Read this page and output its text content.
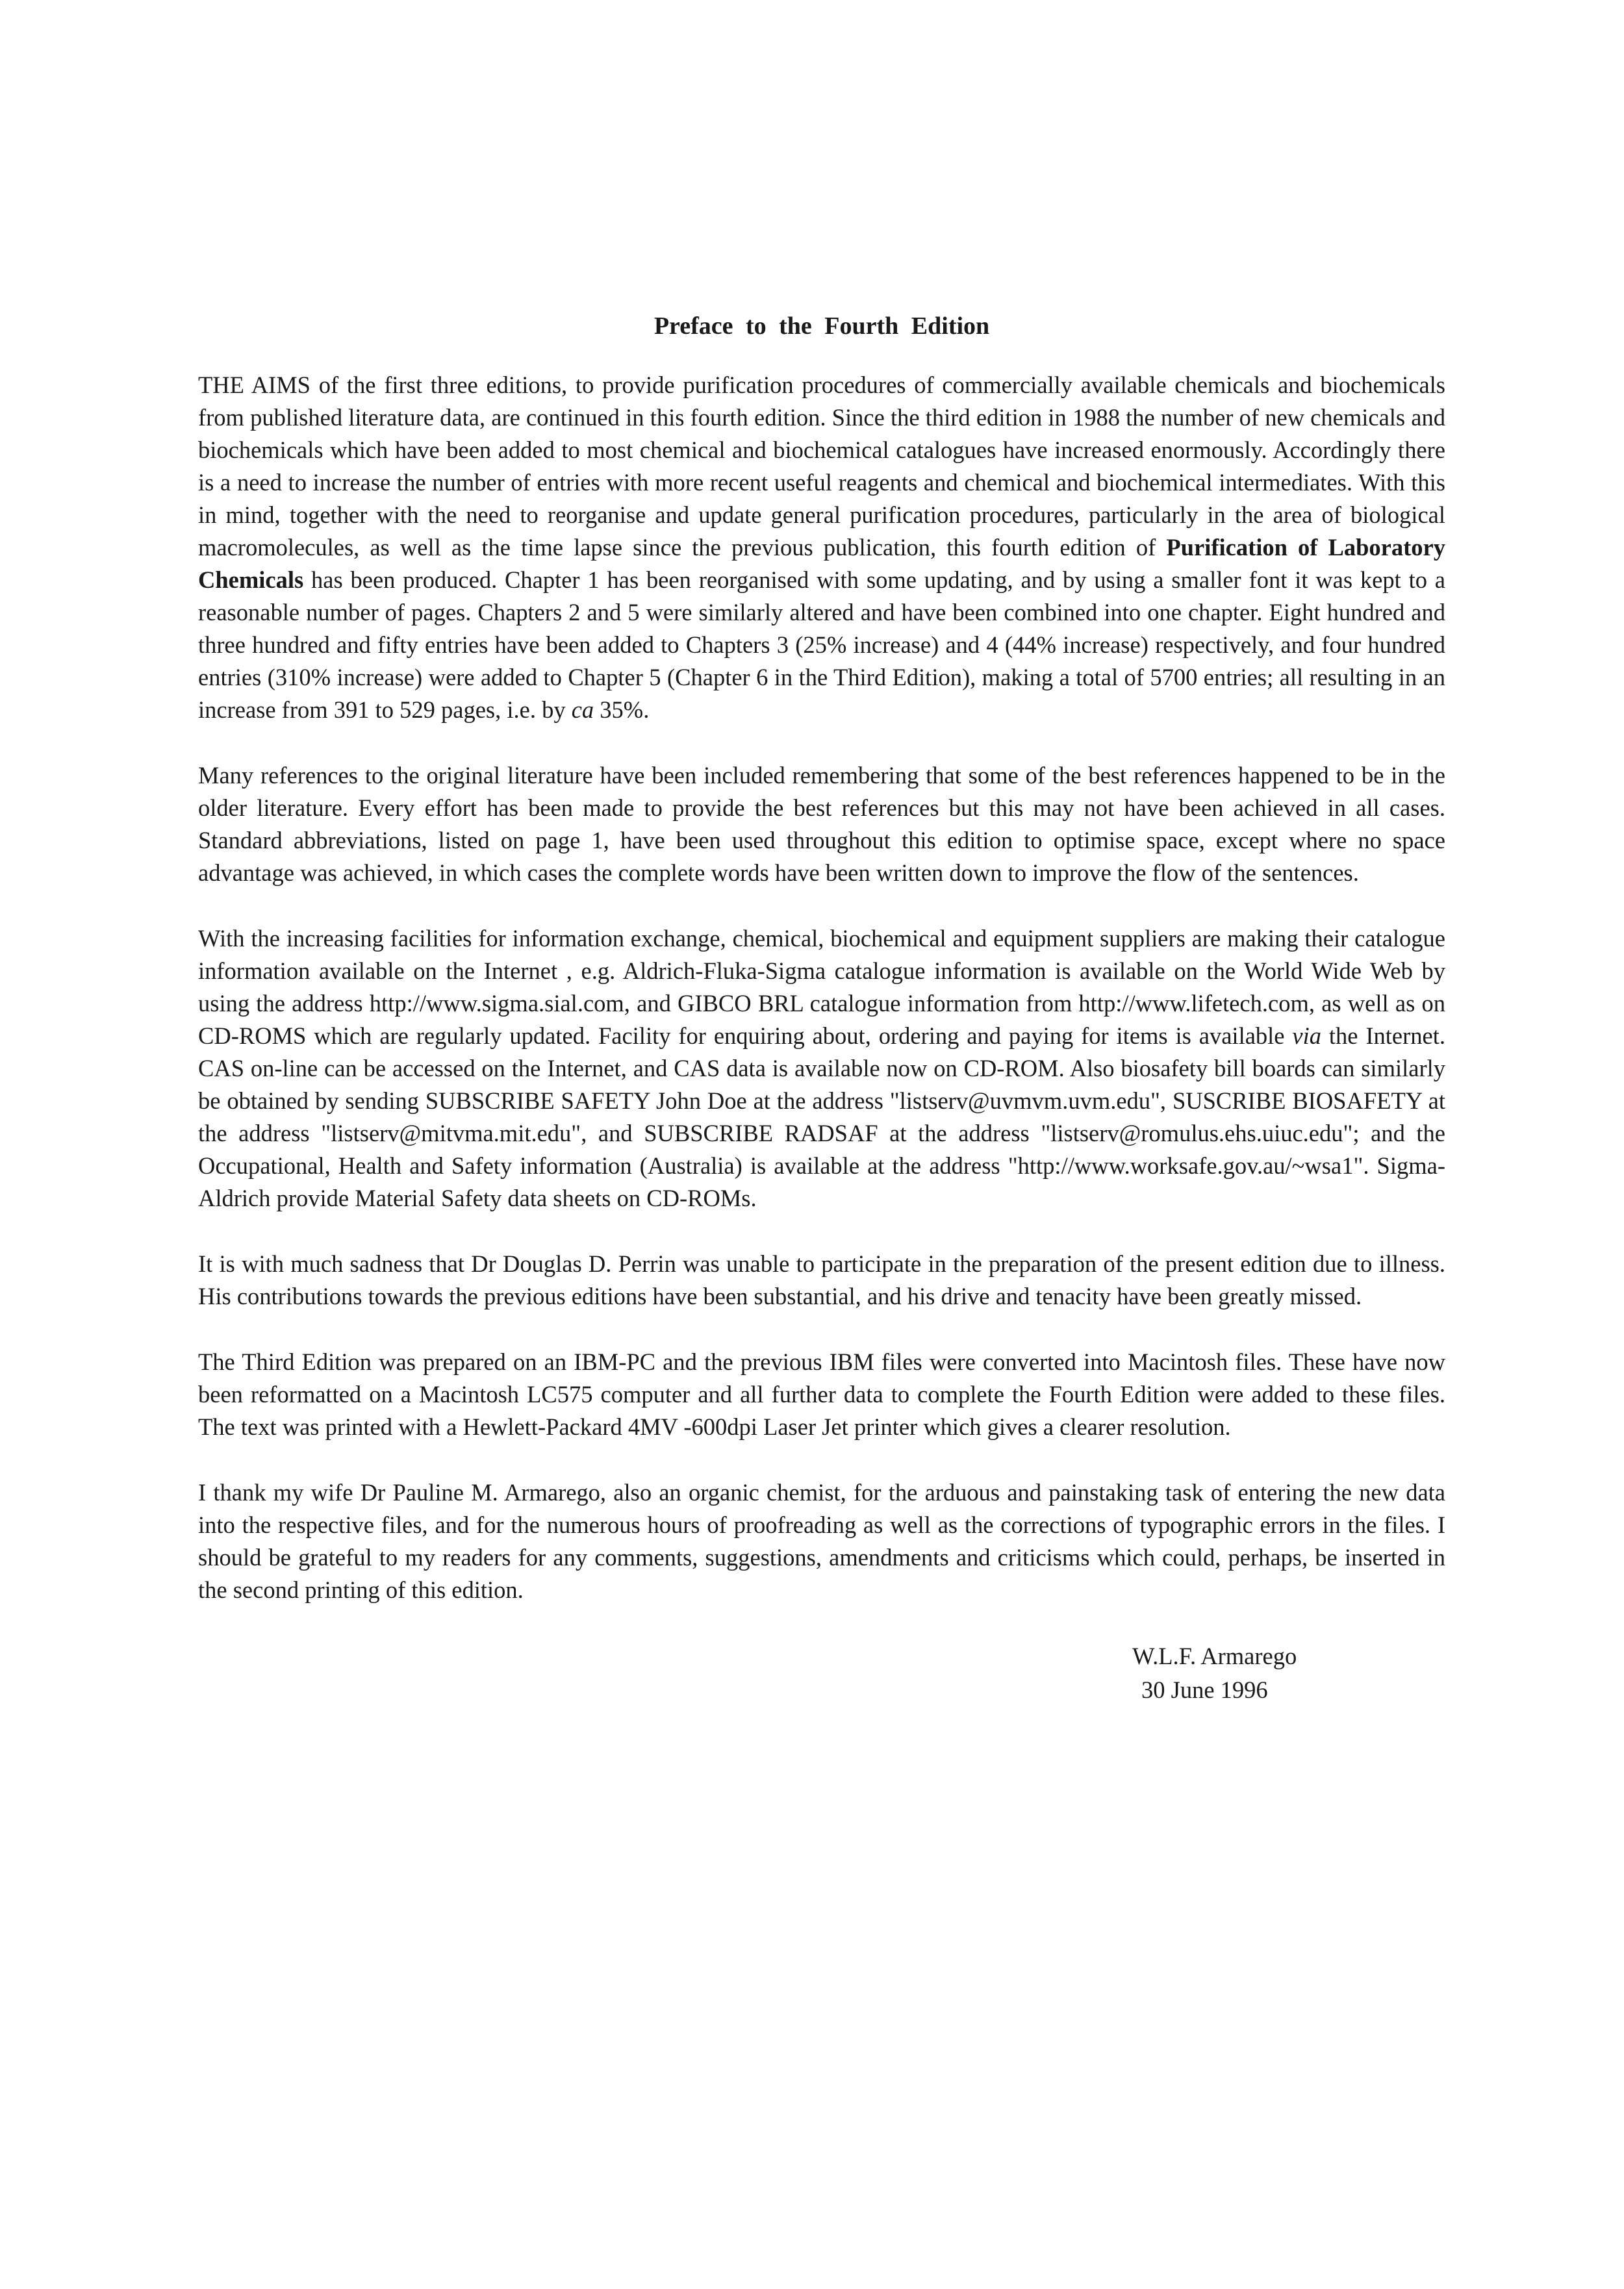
Preface to the Fourth Edition

THE AIMS of the first three editions, to provide purification procedures of commercially available chemicals and biochemicals from published literature data, are continued in this fourth edition. Since the third edition in 1988 the number of new chemicals and biochemicals which have been added to most chemical and biochemical catalogues have increased enormously. Accordingly there is a need to increase the number of entries with more recent useful reagents and chemical and biochemical intermediates. With this in mind, together with the need to reorganise and update general purification procedures, particularly in the area of biological macromolecules, as well as the time lapse since the previous publication, this fourth edition of Purification of Laboratory Chemicals has been produced. Chapter 1 has been reorganised with some updating, and by using a smaller font it was kept to a reasonable number of pages. Chapters 2 and 5 were similarly altered and have been combined into one chapter. Eight hundred and three hundred and fifty entries have been added to Chapters 3 (25% increase) and 4 (44% increase) respectively, and four hundred entries (310% increase) were added to Chapter 5 (Chapter 6 in the Third Edition), making a total of 5700 entries; all resulting in an increase from 391 to 529 pages, i.e. by ca 35%.

Many references to the original literature have been included remembering that some of the best references happened to be in the older literature. Every effort has been made to provide the best references but this may not have been achieved in all cases. Standard abbreviations, listed on page 1, have been used throughout this edition to optimise space, except where no space advantage was achieved, in which cases the complete words have been written down to improve the flow of the sentences.

With the increasing facilities for information exchange, chemical, biochemical and equipment suppliers are making their catalogue information available on the Internet , e.g. Aldrich-Fluka-Sigma catalogue information is available on the World Wide Web by using the address http://www.sigma.sial.com, and GIBCO BRL catalogue information from http://www.lifetech.com, as well as on CD-ROMS which are regularly updated. Facility for enquiring about, ordering and paying for items is available via the Internet. CAS on-line can be accessed on the Internet, and CAS data is available now on CD-ROM. Also biosafety bill boards can similarly be obtained by sending SUBSCRIBE SAFETY John Doe at the address "listserv@uvmvm.uvm.edu", SUSCRIBE BIOSAFETY at the address "listserv@mitvma.mit.edu", and SUBSCRIBE RADSAF at the address "listserv@romulus.ehs.uiuc.edu"; and the Occupational, Health and Safety information (Australia) is available at the address "http://www.worksafe.gov.au/~wsa1". Sigma-Aldrich provide Material Safety data sheets on CD-ROMs.

It is with much sadness that Dr Douglas D. Perrin was unable to participate in the preparation of the present edition due to illness. His contributions towards the previous editions have been substantial, and his drive and tenacity have been greatly missed.

The Third Edition was prepared on an IBM-PC and the previous IBM files were converted into Macintosh files. These have now been reformatted on a Macintosh LC575 computer and all further data to complete the Fourth Edition were added to these files. The text was printed with a Hewlett-Packard 4MV -600dpi Laser Jet printer which gives a clearer resolution.

I thank my wife Dr Pauline M. Armarego, also an organic chemist, for the arduous and painstaking task of entering the new data into the respective files, and for the numerous hours of proofreading as well as the corrections of typographic errors in the files. I should be grateful to my readers for any comments, suggestions, amendments and criticisms which could, perhaps, be inserted in the second printing of this edition.

W.L.F. Armarego
30 June 1996
